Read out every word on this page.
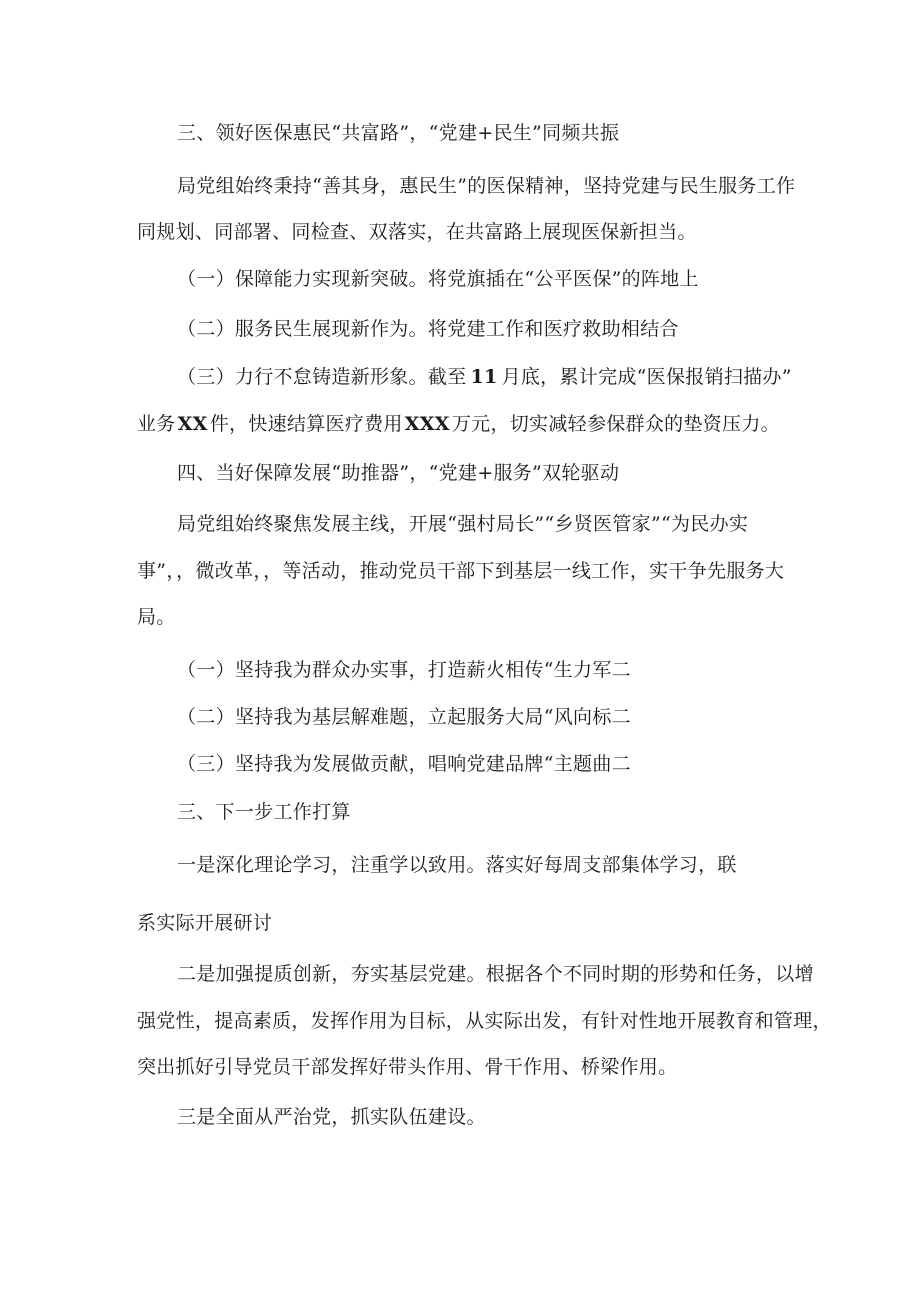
三、领好医保惠民“共富路”，“党建+民生”同频共振
局党组始终秉持“善其身，惠民生”的医保精神，坚持党建与民生服务工作
同规划、同部署、同检查、双落实，在共富路上展现医保新担当。
（一）保障能力实现新突破。将党旗插在“公平医保”的阵地上
（二）服务民生展现新作为。将党建工作和医疗救助相结合
（三）力行不怠铸造新形象。截至 11 月底，累计完成“医保报销扫描办”
业务 XX 件，快速结算医疗费用 XXX 万元，切实减轻参保群众的垫资压力。
四、当好保障发展“助推器”，“党建+服务”双轮驱动
局党组始终聚焦发展主线，开展“强村局长”“乡贤医管家”“为民办实
事”，，微改革，，等活动，推动党员干部下到基层一线工作，实干争先服务大
局。
（一）坚持我为群众办实事，打造薪火相传“生力军二
（二）坚持我为基层解难题，立起服务大局“风向标二
（三）坚持我为发展做贡献，唱响党建品牌“主题曲二
三、下一步工作打算
一是深化理论学习，注重学以致用。落实好每周支部集体学习，联
系实际开展研讨
二是加强提质创新，夯实基层党建。根据各个不同时期的形势和任务，以增
强党性，提高素质，发挥作用为目标，从实际出发，有针对性地开展教育和管理，
突出抓好引导党员干部发挥好带头作用、骨干作用、桥梁作用。
三是全面从严治党，抓实队伍建设。
